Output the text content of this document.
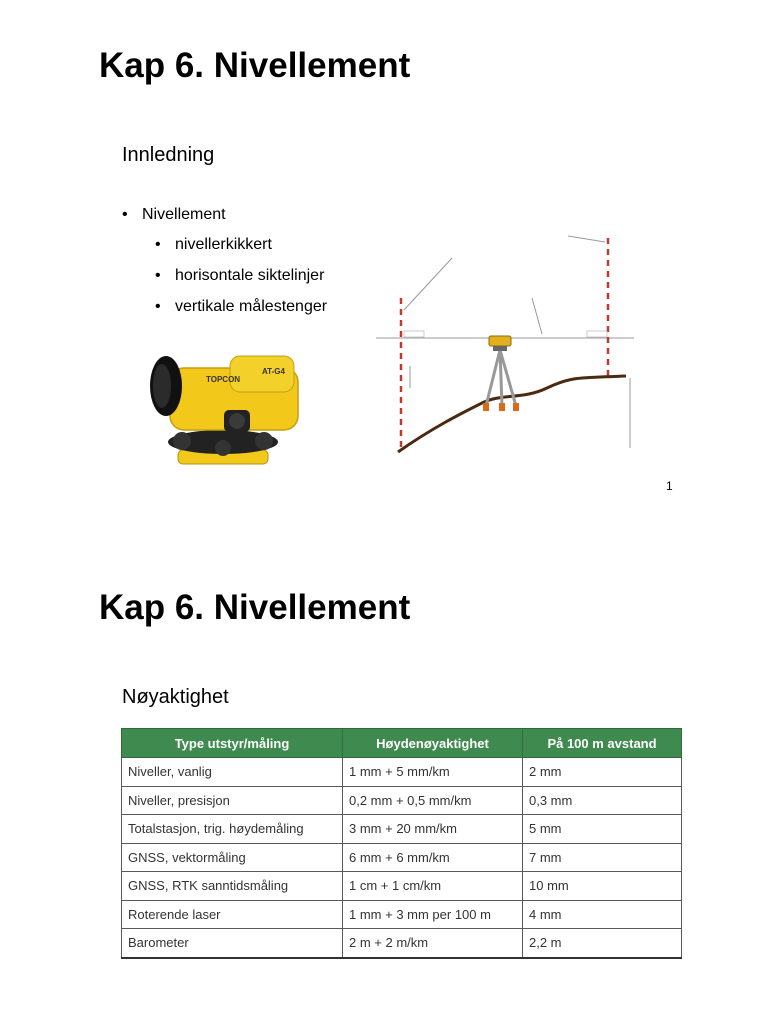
Kap 6. Nivellement
Innledning

• Nivellement

• nivellerkikkert

• horisontale siktelinjer

• vertikale målestenger

TOPCON
AT-G4
1
Kap 6. Nivellement
Nøyaktighet
Type utstyr/måling	Høydenøyaktighet	På 100 m avstand
Niveller, vanlig	1 mm + 5 mm/km	2 mm
Niveller, presisjon	0,2 mm + 0,5 mm/km	0,3 mm
Totalstasjon, trig. høydemåling	3 mm + 20 mm/km	5 mm
GNSS, vektormåling	6 mm + 6 mm/km	7 mm
GNSS, RTK sanntidsmåling	1 cm + 1 cm/km	10 mm
Roterende laser	1 mm + 3 mm per 100 m	4 mm
Barometer	2 m + 2 m/km	2,2 m
